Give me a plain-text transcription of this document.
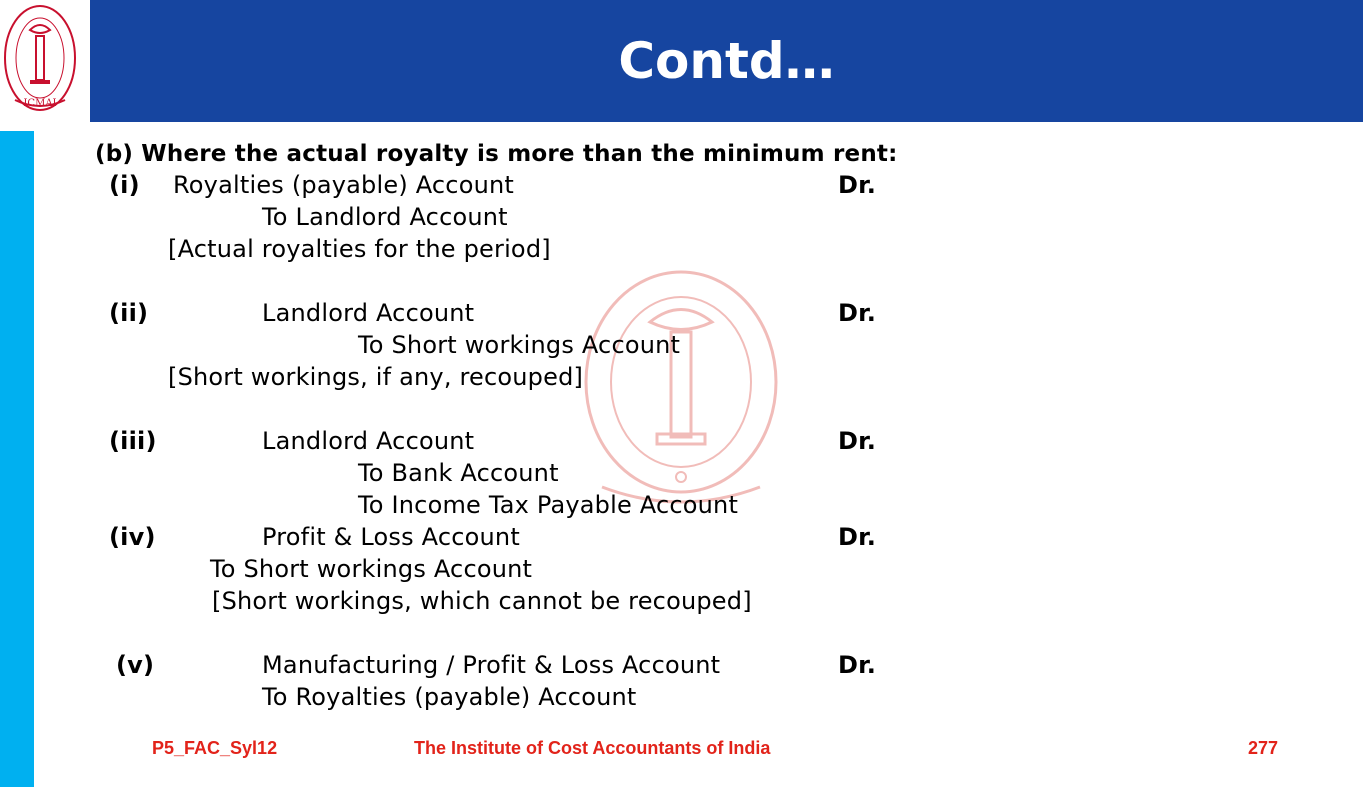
ICMAI
Contd…
(b) Where the actual royalty is more than the minimum rent:
(i) Royalties (payable) Account	Dr.
To Landlord Account
[Actual royalties for the period]
(ii)	Landlord Account	Dr.
To Short workings Account
[Short workings, if any, recouped]
(iii)	Landlord Account	Dr.
To Bank Account
To Income Tax Payable Account
(iv)	Profit & Loss Account	Dr.
To Short workings Account
[Short workings, which cannot be recouped]
(v)	Manufacturing / Profit & Loss Account	Dr.
To Royalties (payable) Account
P5_FAC_Syl12	The Institute of Cost Accountants of India	277
